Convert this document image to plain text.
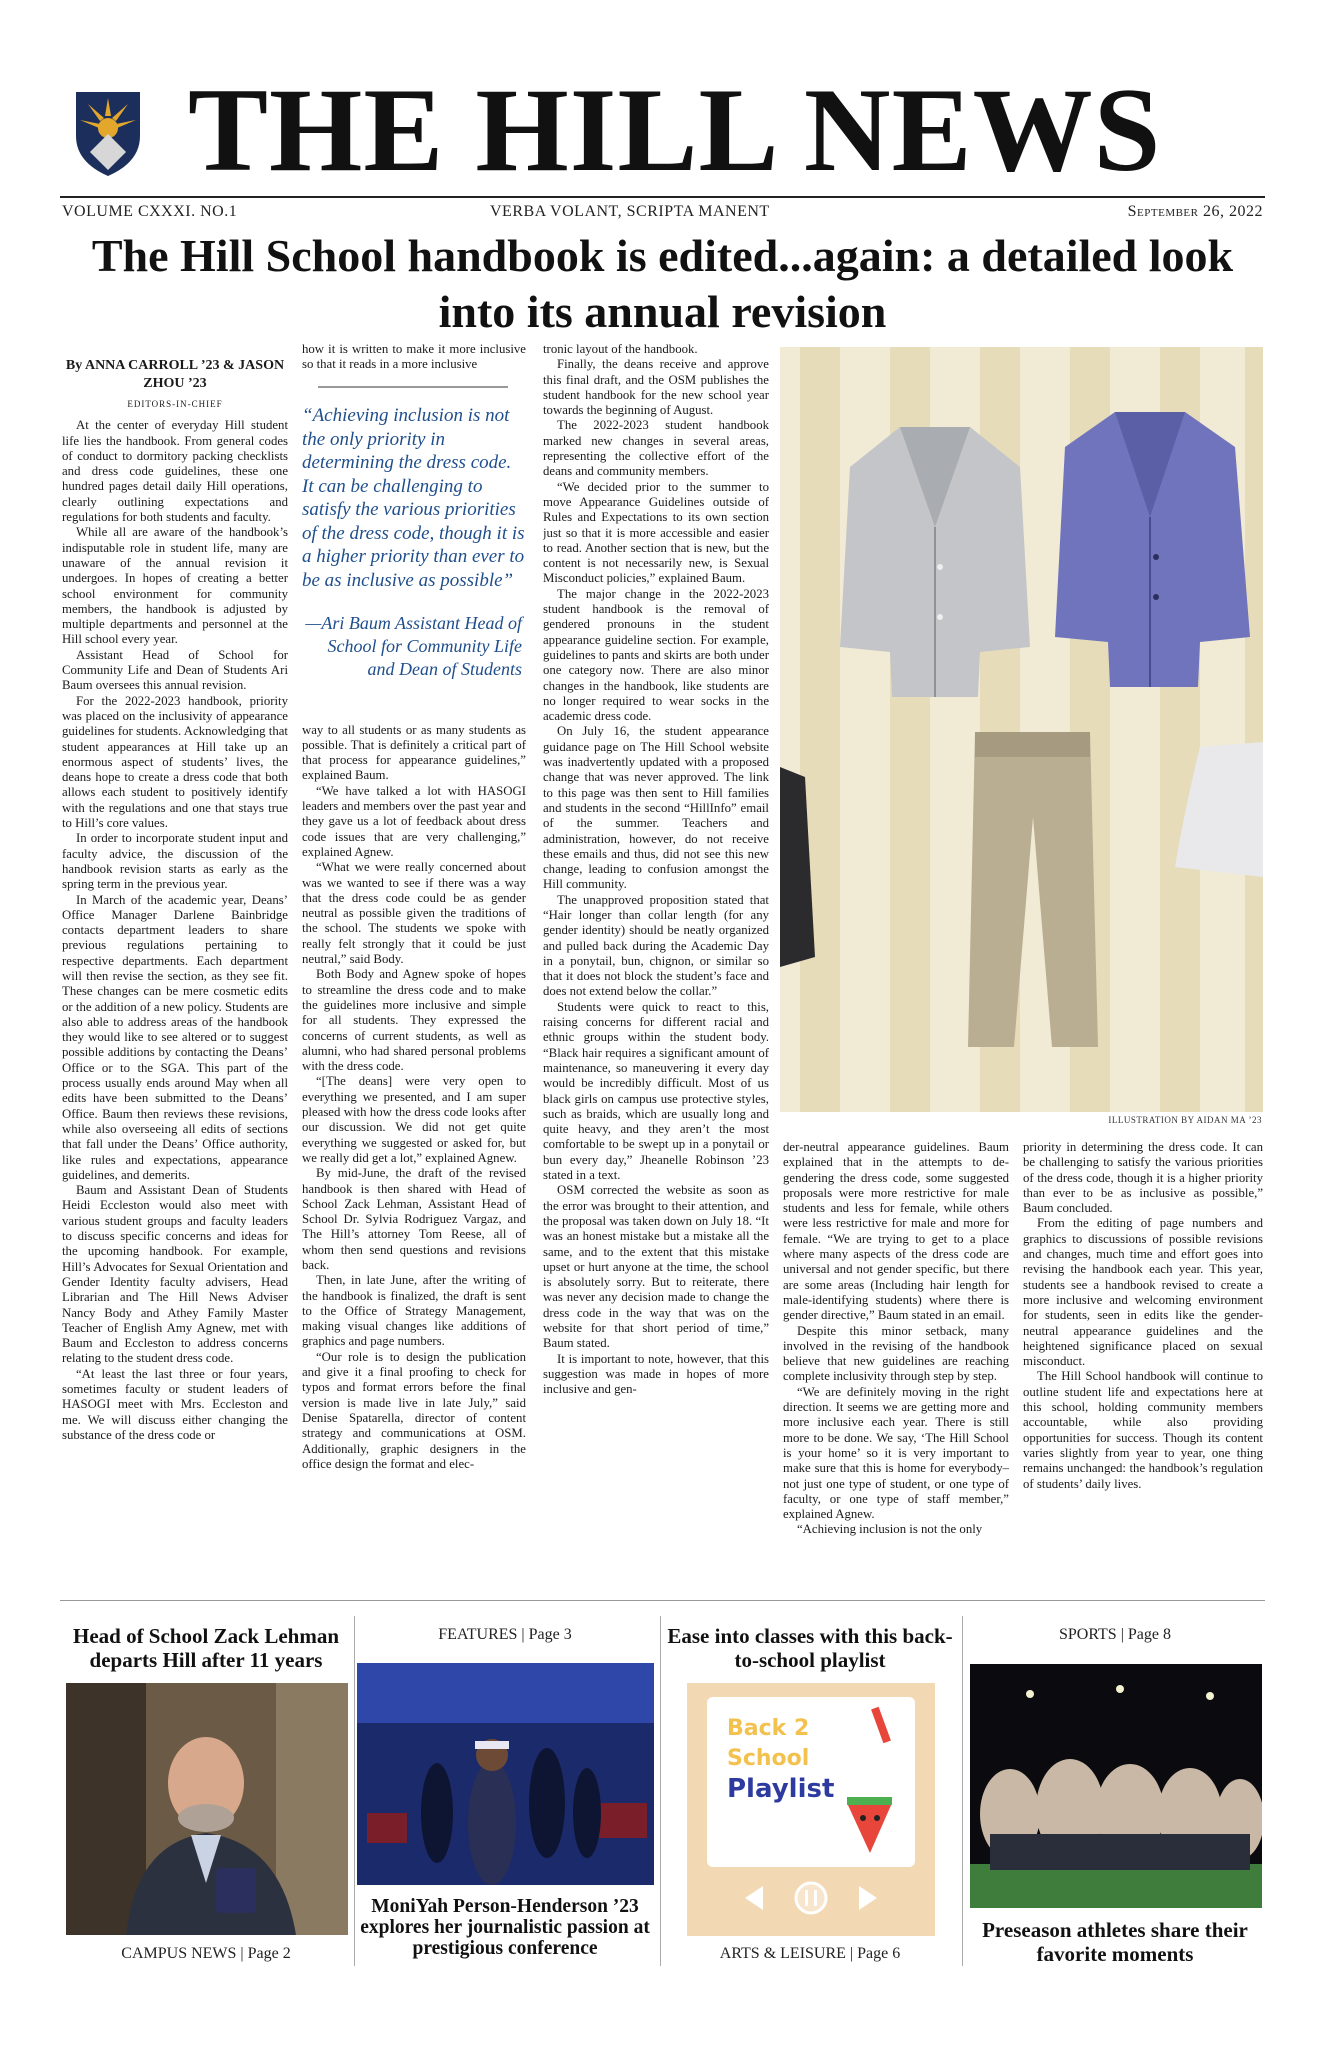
THE HILL NEWS
VOLUME CXXXI. NO.1	VERBA VOLANT, SCRIPTA MANENT	September 26, 2022
The Hill School handbook is edited...again: a detailed look into its annual revision
By ANNA CARROLL ’23 & JASON ZHOU ’23
EDITORS-IN-CHIEF

At the center of everyday Hill student life lies the handbook. From general codes of conduct to dormitory packing checklists and dress code guidelines, these one hundred pages detail daily Hill operations, clearly outlining expectations and regulations for both students and faculty.

While all are aware of the handbook’s indisputable role in student life, many are unaware of the annual revision it undergoes. In hopes of creating a better school environment for community members, the handbook is adjusted by multiple departments and personnel at the Hill school every year.

Assistant Head of School for Community Life and Dean of Students Ari Baum oversees this annual revision.

For the 2022-2023 handbook, priority was placed on the inclusivity of appearance guidelines for students. Acknowledging that student appearances at Hill take up an enormous aspect of students’ lives, the deans hope to create a dress code that both allows each student to positively identify with the regulations and one that stays true to Hill’s core values.

In order to incorporate student input and faculty advice, the discussion of the handbook revision starts as early as the spring term in the previous year.

In March of the academic year, Deans’ Office Manager Darlene Bainbridge contacts department leaders to share previous regulations pertaining to respective departments. Each department will then revise the section, as they see fit. These changes can be mere cosmetic edits or the addition of a new policy. Students are also able to address areas of the handbook they would like to see altered or to suggest possible additions by contacting the Deans’ Office or to the SGA. This part of the process usually ends around May when all edits have been submitted to the Deans’ Office. Baum then reviews these revisions, while also overseeing all edits of sections that fall under the Deans’ Office authority, like rules and expectations, appearance guidelines, and demerits.

Baum and Assistant Dean of Students Heidi Eccleston would also meet with various student groups and faculty leaders to discuss specific concerns and ideas for the upcoming handbook. For example, Hill’s Advocates for Sexual Orientation and Gender Identity faculty advisers, Head Librarian and The Hill News Adviser Nancy Body and Athey Family Master Teacher of English Amy Agnew, met with Baum and Eccleston to address concerns relating to the student dress code.

“At least the last three or four years, sometimes faculty or student leaders of HASOGI meet with Mrs. Eccleston and me. We will discuss either changing the substance of the dress code or

how it is written to make it more inclusive so that it reads in a more inclusive

way to all students or as many students as possible. That is definitely a critical part of that process for appearance guidelines,” explained Baum.

“We have talked a lot with HASOGI leaders and members over the past year and they gave us a lot of feedback about dress code issues that are very challenging,” explained Agnew.

“What we were really concerned about was we wanted to see if there was a way that the dress code could be as gender neutral as possible given the traditions of the school. The students we spoke with really felt strongly that it could be just neutral,” said Body.

Both Body and Agnew spoke of hopes to streamline the dress code and to make the guidelines more inclusive and simple for all students. They expressed the concerns of current students, as well as alumni, who had shared personal problems with the dress code.

“[The deans] were very open to everything we presented, and I am super pleased with how the dress code looks after our discussion. We did not get quite everything we suggested or asked for, but we really did get a lot,” explained Agnew.

By mid-June, the draft of the revised handbook is then shared with Head of School Zack Lehman, Assistant Head of School Dr. Sylvia Rodriguez Vargaz, and The Hill’s attorney Tom Reese, all of whom then send questions and revisions back.

Then, in late June, after the writing of the handbook is finalized, the draft is sent to the Office of Strategy Management, making visual changes like additions of graphics and page numbers.

“Our role is to design the publication and give it a final proofing to check for typos and format errors before the final version is made live in late July,” said Denise Spatarella, director of content strategy and communications at OSM. Additionally, graphic designers in the office design the format and elec-

“Achieving inclusion is not the only priority in determining the dress code. It can be challenging to satisfy the various priorities of the dress code, though it is a higher priority than ever to be as inclusive as possible”
—Ari Baum Assistant Head of School for Community Life and Dean of Students

tronic layout of the handbook.

Finally, the deans receive and approve this final draft, and the OSM publishes the student handbook for the new school year towards the beginning of August.

The 2022-2023 student handbook marked new changes in several areas, representing the collective effort of the deans and community members.

“We decided prior to the summer to move Appearance Guidelines outside of Rules and Expectations to its own section just so that it is more accessible and easier to read. Another section that is new, but the content is not necessarily new, is Sexual Misconduct policies,” explained Baum.

The major change in the 2022-2023 student handbook is the removal of gendered pronouns in the student appearance guideline section. For example, guidelines to pants and skirts are both under one category now. There are also minor changes in the handbook, like students are no longer required to wear socks in the academic dress code.

On July 16, the student appearance guidance page on The Hill School website was inadvertently updated with a proposed change that was never approved. The link to this page was then sent to Hill families and students in the second “HillInfo” email of the summer. Teachers and administration, however, do not receive these emails and thus, did not see this new change, leading to confusion amongst the Hill community.

The unapproved proposition stated that “Hair longer than collar length (for any gender identity) should be neatly organized and pulled back during the Academic Day in a ponytail, bun, chignon, or similar so that it does not block the student’s face and does not extend below the collar.”

Students were quick to react to this, raising concerns for different racial and ethnic groups within the student body. “Black hair requires a significant amount of maintenance, so maneuvering it every day would be incredibly difficult. Most of us black girls on campus use protective styles, such as braids, which are usually long and quite heavy, and they aren’t the most comfortable to be swept up in a ponytail or bun every day,” Jheanelle Robinson ’23 stated in a text.

OSM corrected the website as soon as the error was brought to their attention, and the proposal was taken down on July 18. “It was an honest mistake but a mistake all the same, and to the extent that this mistake upset or hurt anyone at the time, the school is absolutely sorry. But to reiterate, there was never any decision made to change the dress code in the way that was on the website for that short period of time,” Baum stated.

It is important to note, however, that this suggestion was made in hopes of more inclusive and gen-

ILLUSTRATION BY AIDAN MA ’23

der-neutral appearance guidelines. Baum explained that in the attempts to de-gendering the dress code, some suggested proposals were more restrictive for male students and less for female, while others were less restrictive for male and more for female. “We are trying to get to a place where many aspects of the dress code are universal and not gender specific, but there are some areas (Including hair length for male-identifying students) where there is gender directive,” Baum stated in an email.

Despite this minor setback, many involved in the revising of the handbook believe that new guidelines are reaching complete inclusivity through step by step.

“We are definitely moving in the right direction. It seems we are getting more and more inclusive each year. There is still more to be done. We say, ‘The Hill School is your home’ so it is very important to make sure that this is home for everybody– not just one type of student, or one type of faculty, or one type of staff member,” explained Agnew.

“Achieving inclusion is not the only

priority in determining the dress code. It can be challenging to satisfy the various priorities of the dress code, though it is a higher priority than ever to be as inclusive as possible,” Baum concluded.

From the editing of page numbers and graphics to discussions of possible revisions and changes, much time and effort goes into revising the handbook each year. This year, students see a handbook revised to create a more inclusive and welcoming environment for students, seen in edits like the gender-neutral appearance guidelines and the heightened significance placed on sexual misconduct.

The Hill School handbook will continue to outline student life and expectations here at this school, holding community members accountable, while also providing opportunities for success. Though its content varies slightly from year to year, one thing remains unchanged: the handbook’s regulation of students’ daily lives.

Head of School Zack Lehman departs Hill after 11 years
CAMPUS NEWS | Page 2
FEATURES | Page 3
MoniYah Person-Henderson ’23 explores her journalistic passion at prestigious conference
Ease into classes with this back-to-school playlist
Back 2
School
Playlist
ARTS & LEISURE | Page 6
SPORTS | Page 8
Preseason athletes share their favorite moments
